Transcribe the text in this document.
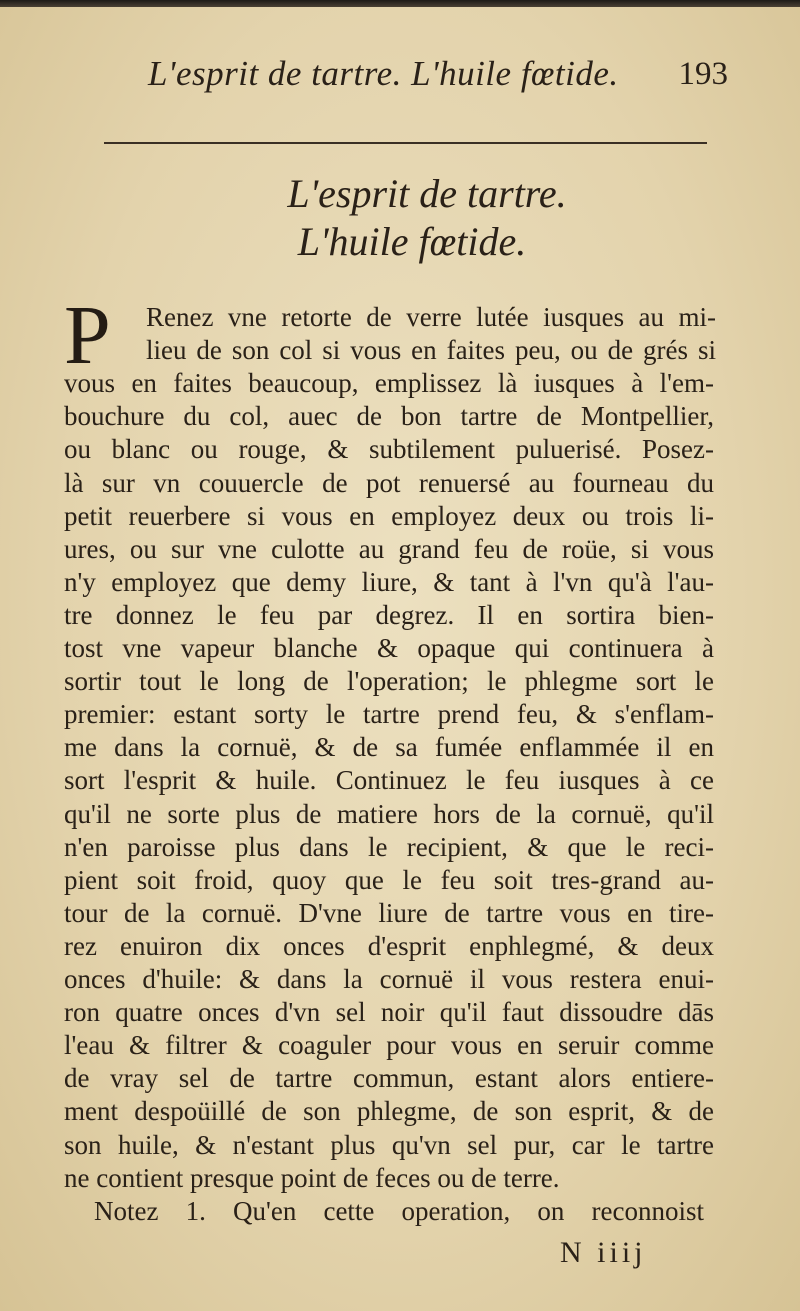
L'esprit de tartre. L'huile fœtide. 193
L'esprit de tartre.
L'huile fœtide.
P Renez vne retorte de verre lutée iusques au mi-
lieu de son col si vous en faites peu, ou de grés si
vous en faites beaucoup, emplissez là iusques à l'em-
bouchure du col, auec de bon tartre de Montpellier,
ou blanc ou rouge, & subtilement puluerisé. Posez-
là sur vn couuercle de pot renuersé au fourneau du
petit reuerbere si vous en employez deux ou trois li-
ures, ou sur vne culotte au grand feu de roüe, si vous
n'y employez que demy liure, & tant à l'vn qu'à l'au-
tre donnez le feu par degrez. Il en sortira bien-
tost vne vapeur blanche & opaque qui continuera à
sortir tout le long de l'operation; le phlegme sort le
premier: estant sorty le tartre prend feu, & s'enflam-
me dans la cornuë, & de sa fumée enflammée il en
sort l'esprit & huile. Continuez le feu iusques à ce
qu'il ne sorte plus de matiere hors de la cornuë, qu'il
n'en paroisse plus dans le recipient, & que le reci-
pient soit froid, quoy que le feu soit tres-grand au-
tour de la cornuë. D'vne liure de tartre vous en tire-
rez enuiron dix onces d'esprit enphlegmé, & deux
onces d'huile: & dans la cornuë il vous restera enui-
ron quatre onces d'vn sel noir qu'il faut dissoudre dās
l'eau & filtrer & coaguler pour vous en seruir comme
de vray sel de tartre commun, estant alors entiere-
ment despoüillé de son phlegme, de son esprit, & de
son huile, & n'estant plus qu'vn sel pur, car le tartre
ne contient presque point de feces ou de terre.
Notez 1. Qu'en cette operation, on reconnoist
N iiij
